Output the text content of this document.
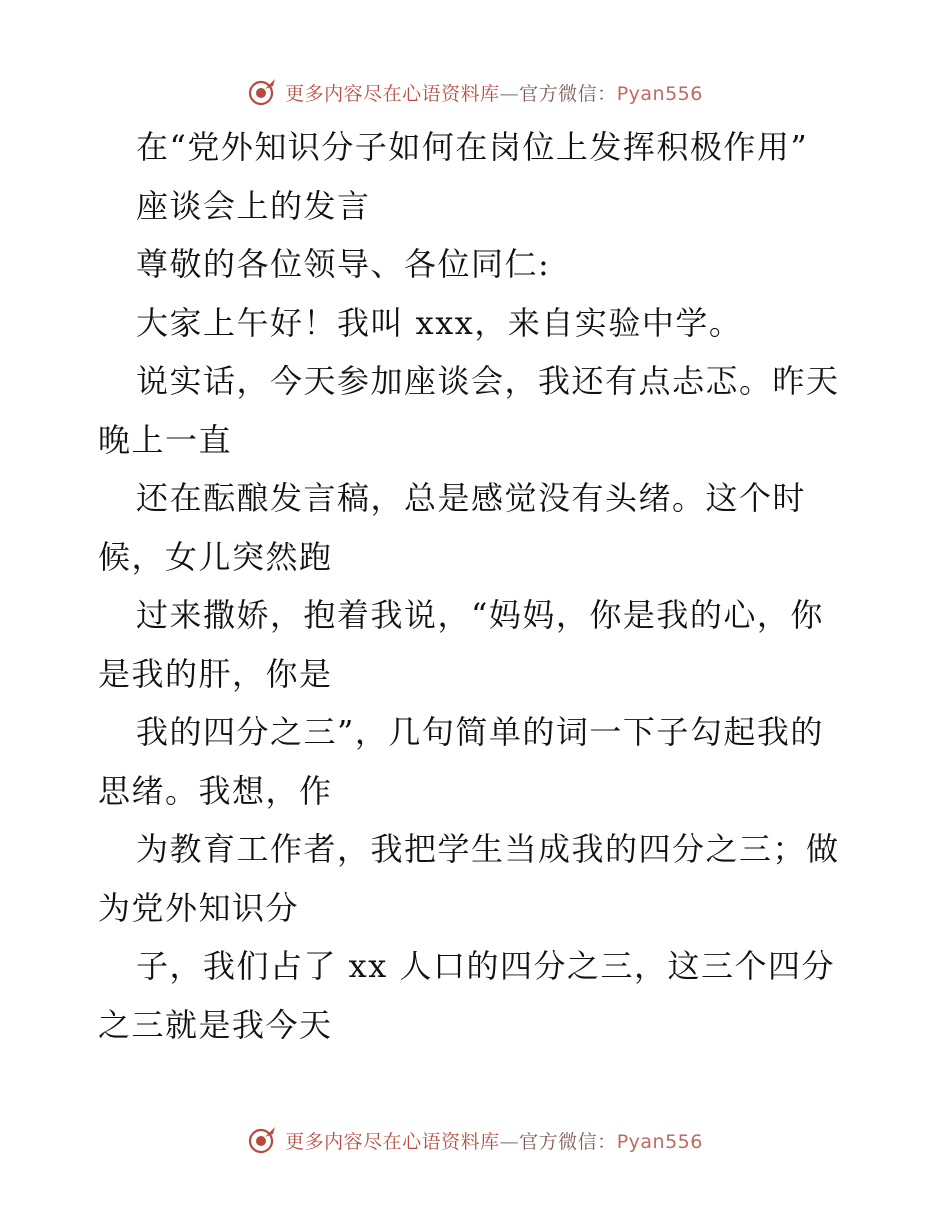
更多内容尽在心语资料库—官方微信：Pyan556
在“党外知识分子如何在岗位上发挥积极作用”
座谈会上的发言
尊敬的各位领导、各位同仁:
大家上午好！我叫 xxx，来自实验中学。
说实话，今天参加座谈会，我还有点忐忑。昨天
晚上一直
还在酝酿发言稿，总是感觉没有头绪。这个时
候，女儿突然跑
过来撒娇，抱着我说，“妈妈，你是我的心，你
是我的肝，你是
我的四分之三”，几句简单的词一下子勾起我的
思绪。我想，作
为教育工作者，我把学生当成我的四分之三；做
为党外知识分
子，我们占了 xx 人口的四分之三，这三个四分
之三就是我今天
更多内容尽在心语资料库—官方微信：Pyan556
